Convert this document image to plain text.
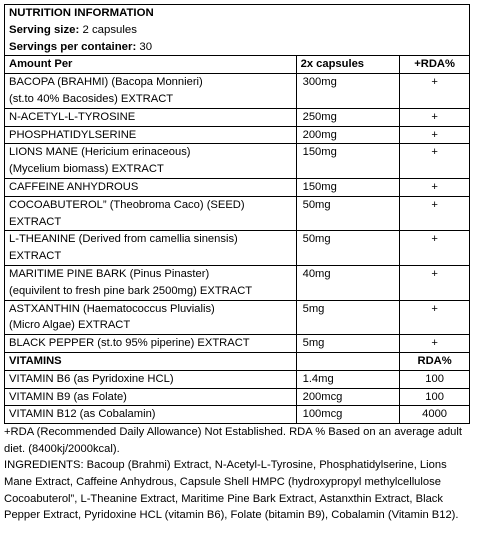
NUTRITION INFORMATION
Serving size: 2 capsules
Servings per container: 30		

Amount Per	2x capsules	+RDA%
BACOPA (BRAHMI) (Bacopa Monnieri)
(st.to 40% Bacosides) EXTRACT	300mg	+
N-ACETYL-L-TYROSINE	250mg	+
PHOSPHATIDYLSERINE	200mg	+
LIONS MANE (Hericium erinaceous)
(Mycelium biomass) EXTRACT	150mg	+
CAFFEINE ANHYDROUS	150mg	+
COCOABUTEROL” (Theobroma Caco) (SEED)
EXTRACT	50mg	+
L-THEANINE (Derived from camellia sinensis)
EXTRACT	50mg	+
MARITIME PINE BARK (Pinus Pinaster)
(equivilent to fresh pine bark 2500mg) EXTRACT	40mg	+
ASTXANTHIN (Haematococcus Pluvialis)
(Micro Algae) EXTRACT	5mg	+
BLACK PEPPER (st.to 95% piperine) EXTRACT	5mg	+
VITAMINS		RDA%
VITAMIN B6 (as Pyridoxine HCL)	1.4mg	100
VITAMIN B9 (as Folate)	200mcg	100
VITAMIN B12 (as Cobalamin)	100mcg	4000
+RDA (Recommended Daily Allowance) Not Established. RDA % Based on an average adult diet. (8400kj/2000kcal).
INGREDIENTS: Bacoup (Brahmi) Extract, N-Acetyl-L-Tyrosine, Phosphatidylserine, Lions Mane Extract, Caffeine Anhydrous, Capsule Shell HMPC (hydroxypropyl methylcellulose Cocoabuterol”, L-Theanine Extract, Maritime Pine Bark Extract, Astanxthin Extract, Black Pepper Extract, Pyridoxine HCL (vitamin B6), Folate (bitamin B9), Cobalamin (Vitamin B12).
